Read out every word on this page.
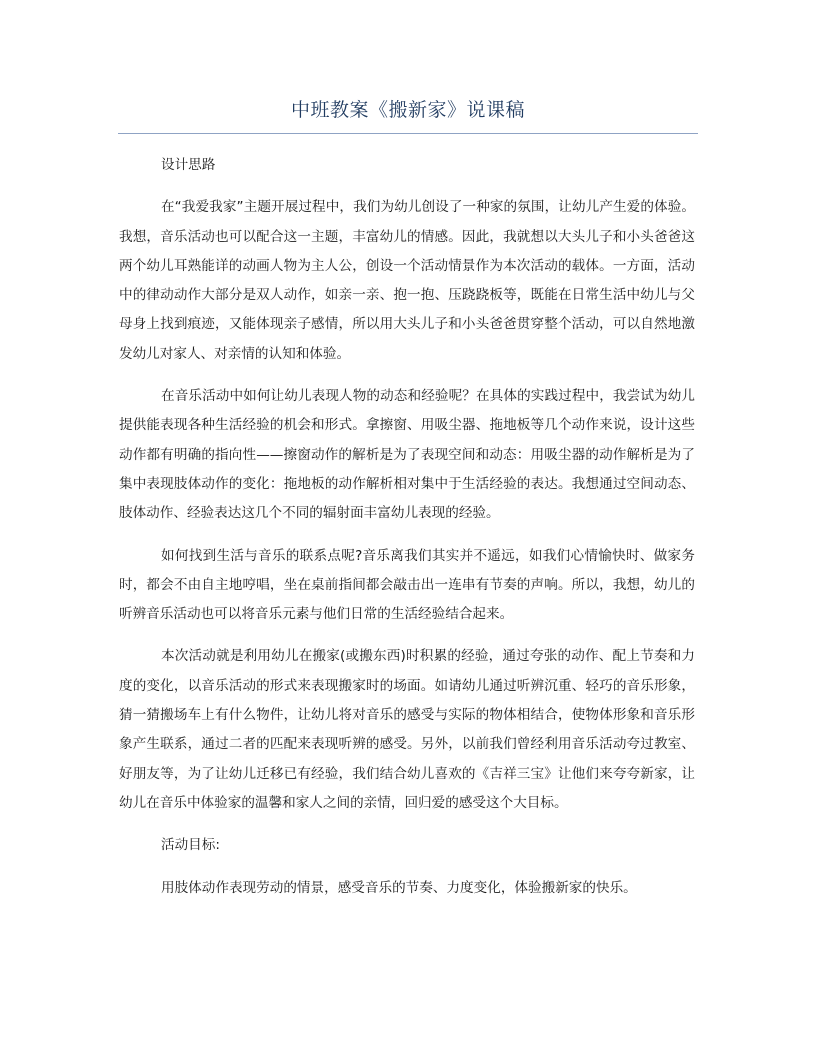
中班教案《搬新家》说课稿

设计思路

在“我爱我家”主题开展过程中，我们为幼儿创设了一种家的氛围，让幼儿产生爱的体验。我想，音乐活动也可以配合这一主题，丰富幼儿的情感。因此，我就想以大头儿子和小头爸爸这两个幼儿耳熟能详的动画人物为主人公，创设一个活动情景作为本次活动的载体。一方面，活动中的律动动作大部分是双人动作，如亲一亲、抱一抱、压跷跷板等，既能在日常生活中幼儿与父母身上找到痕迹，又能体现亲子感情，所以用大头儿子和小头爸爸贯穿整个活动，可以自然地激发幼儿对家人、对亲情的认知和体验。

在音乐活动中如何让幼儿表现人物的动态和经验呢？在具体的实践过程中，我尝试为幼儿提供能表现各种生活经验的机会和形式。拿擦窗、用吸尘器、拖地板等几个动作来说，设计这些动作都有明确的指向性——擦窗动作的解析是为了表现空间和动态：用吸尘器的动作解析是为了集中表现肢体动作的变化：拖地板的动作解析相对集中于生活经验的表达。我想通过空间动态、肢体动作、经验表达这几个不同的辐射面丰富幼儿表现的经验。

如何找到生活与音乐的联系点呢?音乐离我们其实并不遥远，如我们心情愉快时、做家务时，都会不由自主地哼唱，坐在桌前指间都会敲击出一连串有节奏的声响。所以，我想，幼儿的听辨音乐活动也可以将音乐元素与他们日常的生活经验结合起来。

本次活动就是利用幼儿在搬家(或搬东西)时积累的经验，通过夸张的动作、配上节奏和力度的变化，以音乐活动的形式来表现搬家时的场面。如请幼儿通过听辨沉重、轻巧的音乐形象，猜一猜搬场车上有什么物件，让幼儿将对音乐的感受与实际的物体相结合，使物体形象和音乐形象产生联系，通过二者的匹配来表现听辨的感受。另外，以前我们曾经利用音乐活动夸过教室、好朋友等，为了让幼儿迁移已有经验，我们结合幼儿喜欢的《吉祥三宝》让他们来夸夸新家，让幼儿在音乐中体验家的温馨和家人之间的亲情，回归爱的感受这个大目标。

活动目标:

用肢体动作表现劳动的情景，感受音乐的节奏、力度变化，体验搬新家的快乐。
